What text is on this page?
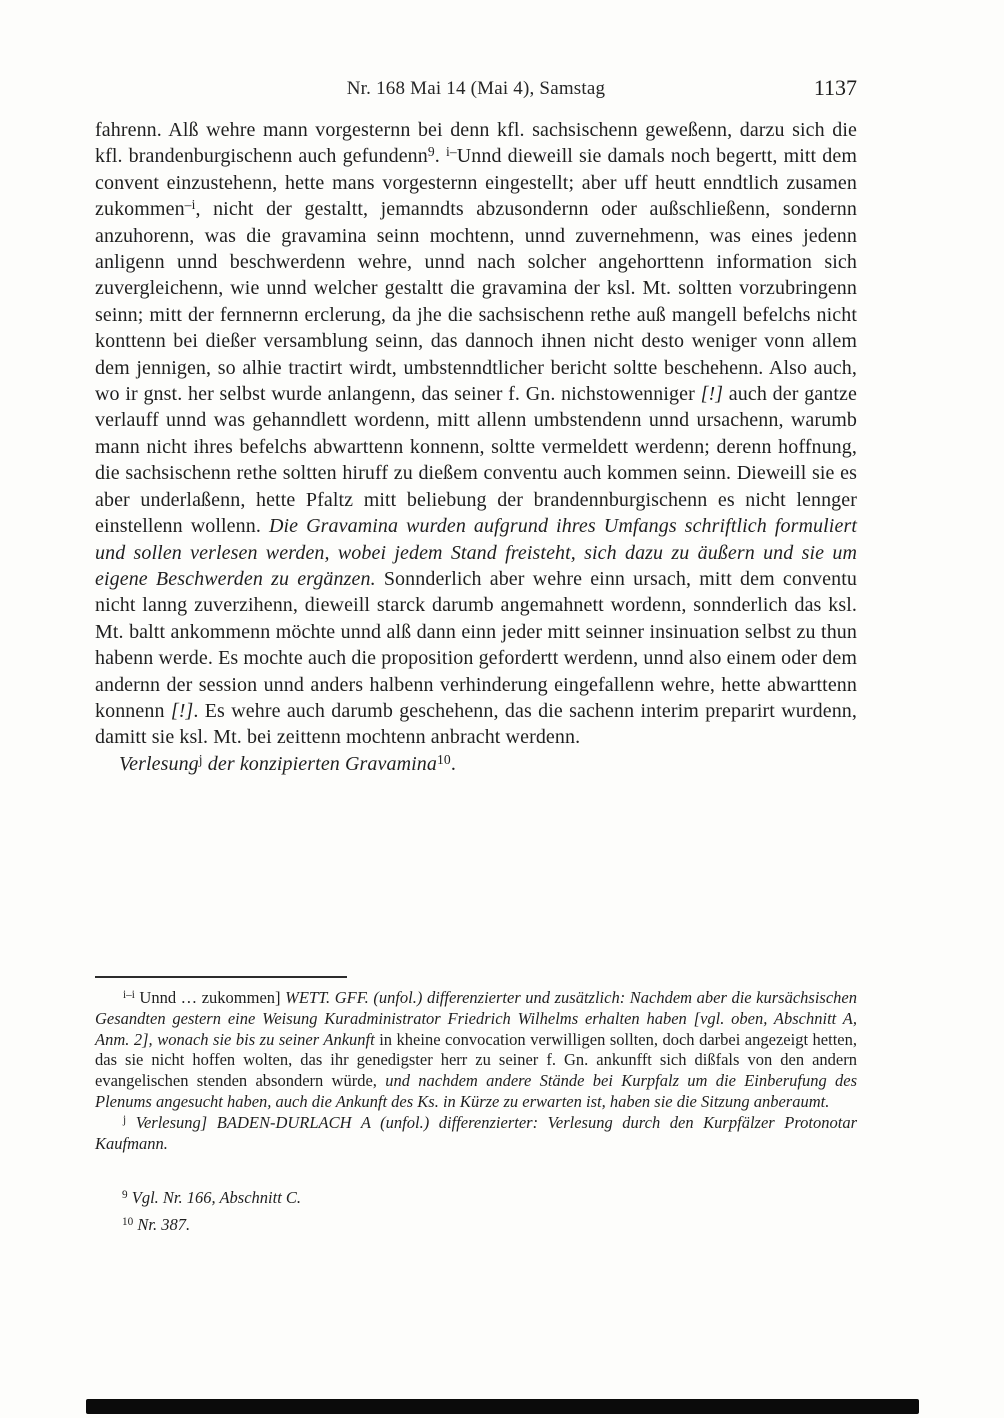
Nr. 168 Mai 14 (Mai 4), Samstag	1137

fahrenn. Alß wehre mann vorgesternn bei denn kfl. sachsischenn geweßenn, darzu sich die kfl. brandenburgischenn auch gefundenn$^9$. $^{i-}$Unnd dieweill sie damals noch begertt, mitt dem convent einzustehenn, hette mans vorgesternn eingestellt; aber uff heutt enndtlich zusamen zukommen$^{-i}$, nicht der gestaltt, jemanndts abzusondernn oder außschließenn, sondernn anzuhorenn, was die gravamina seinn mochtenn, unnd zuvernehmenn, was eines jedenn anligenn unnd beschwerdenn wehre, unnd nach solcher angehorttenn information sich zuvergleichenn, wie unnd welcher gestaltt die gravamina der ksl. Mt. soltten vorzubringenn seinn; mitt der fernnernn erclerung, da jhe die sachsischenn rethe auß mangell befelchs nicht konttenn bei dießer versamblung seinn, das dannoch ihnen nicht desto weniger vonn allem dem jennigen, so alhie tractirt wirdt, umbstenndtlicher bericht soltte beschehenn. Also auch, wo ir gnst. her selbst wurde anlangenn, das seiner f. Gn. nichstowenniger [!] auch der gantze verlauff unnd was gehanndlett wordenn, mitt allenn umbstendenn unnd ursachenn, warumb mann nicht ihres befelchs abwarttenn konnenn, soltte vermeldett werdenn; derenn hoffnung, die sachsischenn rethe soltten hiruff zu dießem conventu auch kommen seinn. Dieweill sie es aber underlaßenn, hette Pfaltz mitt beliebung der brandennburgischenn es nicht lennger einstellenn wollenn. Die Gravamina wurden aufgrund ihres Umfangs schriftlich formuliert und sollen verlesen werden, wobei jedem Stand freisteht, sich dazu zu äußern und sie um eigene Beschwerden zu ergänzen. Sonnderlich aber wehre einn ursach, mitt dem conventu nicht lanng zuverzihenn, dieweill starck darumb angemahnett wordenn, sonnderlich das ksl. Mt. baltt ankommenn möchte unnd alß dann einn jeder mitt seinner insinuation selbst zu thun habenn werde. Es mochte auch die proposition gefordertt werdenn, unnd also einem oder dem andernn der session unnd anders halbenn verhinderung eingefallenn wehre, hette abwarttenn konnenn [!]. Es wehre auch darumb geschehenn, das die sachenn interim preparirt wurdenn, damitt sie ksl. Mt. bei zeittenn mochtenn anbracht werdenn.

Verlesung$^j$ der konzipierten Gravamina$^{10}$.

$^{i-i}$ Unnd … zukommen] WETT. GFF. (unfol.) differenzierter und zusätzlich: Nachdem aber die kursächsischen Gesandten gestern eine Weisung Kuradministrator Friedrich Wilhelms erhalten haben [vgl. oben, Abschnitt A, Anm. 2], wonach sie bis zu seiner Ankunft in kheine convocation verwilligen sollten, doch darbei angezeigt hetten, das sie nicht hoffen wolten, das ihr genedigster herr zu seiner f. Gn. ankunfft sich dißfals von den andern evangelischen stenden absondern würde, und nachdem andere Stände bei Kurpfalz um die Einberufung des Plenums angesucht haben, auch die Ankunft des Ks. in Kürze zu erwarten ist, haben sie die Sitzung anberaumt.

$^j$ Verlesung] BADEN-DURLACH A (unfol.) differenzierter: Verlesung durch den Kurpfälzer Protonotar Kaufmann.

$^9$ Vgl. Nr. 166, Abschnitt C.

$^{10}$ Nr. 387.
